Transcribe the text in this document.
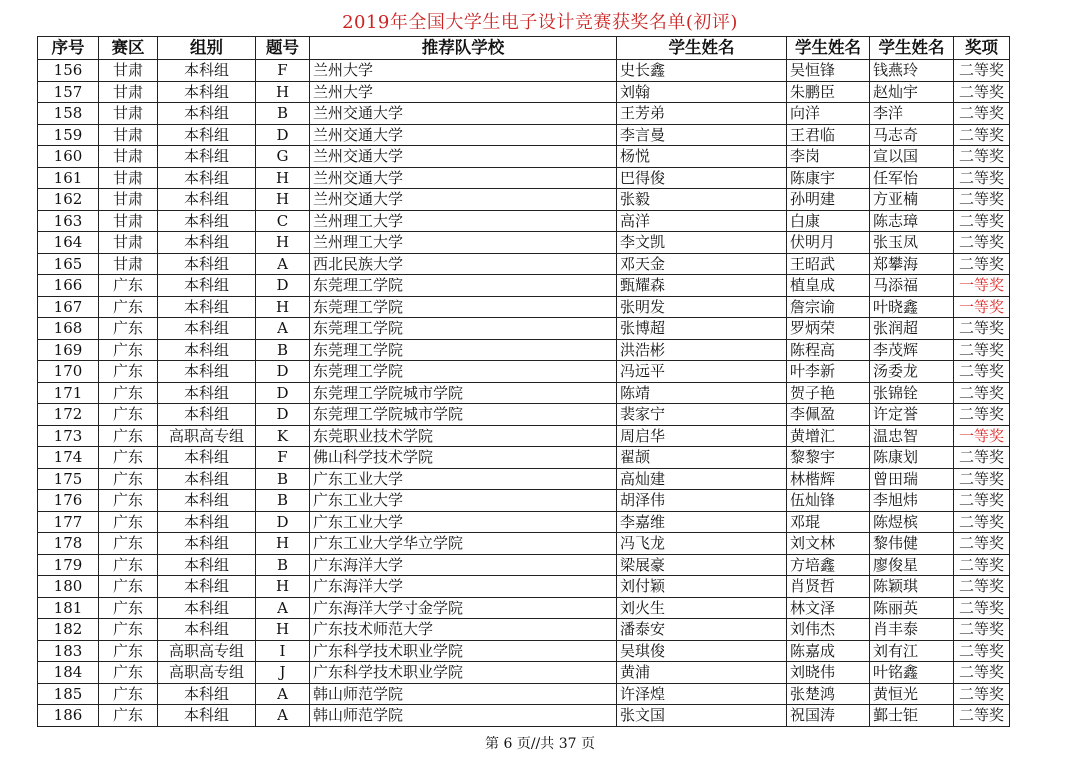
2019年全国大学生电子设计竞赛获奖名单(初评)
序号	赛区	组别	题号	推荐队学校	学生姓名	学生姓名	学生姓名	奖项
156	甘肃	本科组	F	兰州大学	史长鑫	吴恒锋	钱燕玲	二等奖
157	甘肃	本科组	H	兰州大学	刘翰	朱鹏臣	赵灿宇	二等奖
158	甘肃	本科组	B	兰州交通大学	王芳弟	向洋	李洋	二等奖
159	甘肃	本科组	D	兰州交通大学	李言曼	王君临	马志奇	二等奖
160	甘肃	本科组	G	兰州交通大学	杨悦	李岗	宣以国	二等奖
161	甘肃	本科组	H	兰州交通大学	巴得俊	陈康宇	任军怡	二等奖
162	甘肃	本科组	H	兰州交通大学	张毅	孙明建	方亚楠	二等奖
163	甘肃	本科组	C	兰州理工大学	高洋	白康	陈志璋	二等奖
164	甘肃	本科组	H	兰州理工大学	李文凯	伏明月	张玉凤	二等奖
165	甘肃	本科组	A	西北民族大学	邓天金	王昭武	郑攀海	二等奖
166	广东	本科组	D	东莞理工学院	甄耀森	植皇成	马添福	一等奖
167	广东	本科组	H	东莞理工学院	张明发	詹宗谕	叶晓鑫	一等奖
168	广东	本科组	A	东莞理工学院	张博超	罗炳荣	张润超	二等奖
169	广东	本科组	B	东莞理工学院	洪浩彬	陈程高	李茂辉	二等奖
170	广东	本科组	D	东莞理工学院	冯远平	叶李新	汤委龙	二等奖
171	广东	本科组	D	东莞理工学院城市学院	陈靖	贺子艳	张锦铨	二等奖
172	广东	本科组	D	东莞理工学院城市学院	裴家宁	李佩盈	许定誉	二等奖
173	广东	高职高专组	K	东莞职业技术学院	周启华	黄增汇	温忠智	一等奖
174	广东	本科组	F	佛山科学技术学院	翟颉	黎黎宇	陈康划	二等奖
175	广东	本科组	B	广东工业大学	高灿建	林楷辉	曾田瑞	二等奖
176	广东	本科组	B	广东工业大学	胡泽伟	伍灿锋	李旭炜	二等奖
177	广东	本科组	D	广东工业大学	李嘉维	邓琨	陈煜槟	二等奖
178	广东	本科组	H	广东工业大学华立学院	冯飞龙	刘文林	黎伟健	二等奖
179	广东	本科组	B	广东海洋大学	梁展豪	方培鑫	廖俊星	二等奖
180	广东	本科组	H	广东海洋大学	刘付颖	肖贤哲	陈颖琪	二等奖
181	广东	本科组	A	广东海洋大学寸金学院	刘火生	林文泽	陈丽英	二等奖
182	广东	本科组	H	广东技术师范大学	潘泰安	刘伟杰	肖丰泰	二等奖
183	广东	高职高专组	I	广东科学技术职业学院	吴琪俊	陈嘉成	刘有江	二等奖
184	广东	高职高专组	J	广东科学技术职业学院	黄浦	刘晓伟	叶铭鑫	二等奖
185	广东	本科组	A	韩山师范学院	许泽煌	张楚鸿	黄恒光	二等奖
186	广东	本科组	A	韩山师范学院	张文国	祝国涛	鄞士钜	二等奖
第 6 页//共 37 页
